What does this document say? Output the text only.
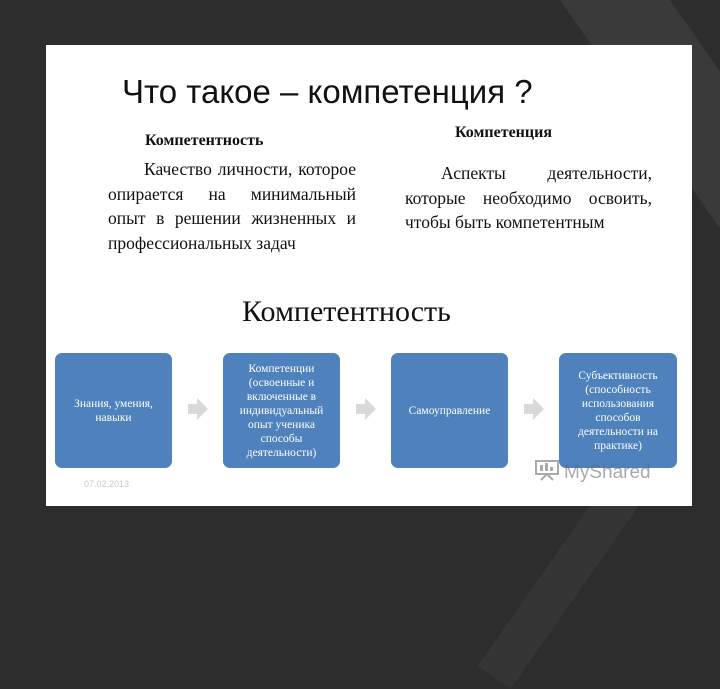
Что такое – компетенция ?
Компетентность
Качество личности, которое опирается на минимальный опыт в решении жизненных и профессиональных задач
Компетенция
Аспекты деятельности, которые необходимо освоить, чтобы быть компетентным
Компетентность
Знания, умения, навыки
Компетенции (освоенные и включенные в индивидуальный опыт ученика способы деятельности)
Самоуправление
Субъективность (способность использования способов деятельности на практике)
07.02.2013
MyShared
